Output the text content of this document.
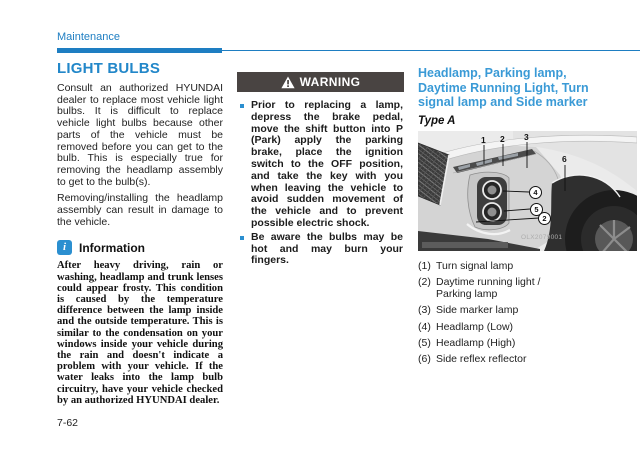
Maintenance
LIGHT BULBS

Consult an authorized HYUNDAI dealer to replace most vehicle light bulbs. It is difficult to replace vehicle light bulbs because other parts of the vehicle must be removed before you can get to the bulb. This is especially true for removing the headlamp assembly to get to the bulb(s).

Removing/installing the headlamp assembly can result in damage to the vehicle.

i	Information
After heavy driving, rain or washing, headlamp and trunk lenses could appear frosty. This condition is caused by the temperature difference between the lamp inside and the outside temperature. This is similar to the condensation on your windows inside your vehicle during the rain and doesn't indicate a problem with your vehicle. If the water leaks into the lamp bulb circuitry, have your vehicle checked by an authorized HYUNDAI dealer.
WARNING
Prior to replacing a lamp, depress the brake pedal, move the shift button into P (Park) apply the parking brake, place the ignition switch to the OFF position, and take the key with you when leaving the vehicle to avoid sudden movement of the vehicle and to prevent possible electric shock.
Be aware the bulbs may be hot and may burn your fingers.
Headlamp, Parking lamp, Daytime Running Light, Turn signal lamp and Side marker
Type A
1 2 3
6
4
5
2
OLX2079001
(1) Turn signal lamp
(2) Daytime running light / Parking lamp
(3) Side marker lamp
(4) Headlamp (Low)
(5) Headlamp (High)
(6) Side reflex reflector
7-62
